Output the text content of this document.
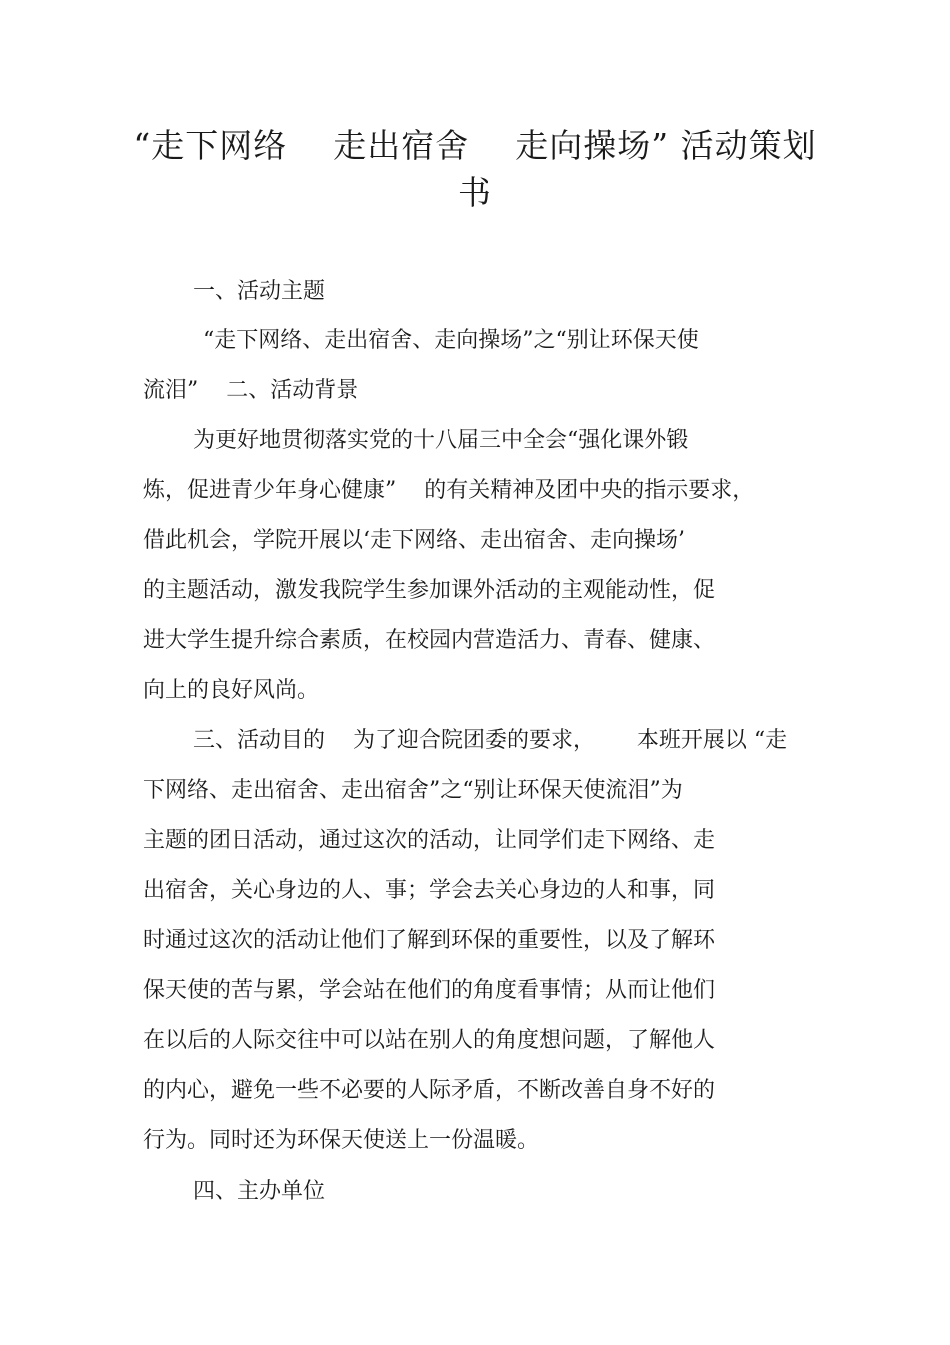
“走下网络    走出宿舍    走向操场” 活动策划
书
一、活动主题
“走下网络、走出宿舍、走向操场”之“别让环保天使
流泪”    二、活动背景
为更好地贯彻落实党的十八届三中全会“强化课外锻
炼，促进青少年身心健康”    的有关精神及团中央的指示要求，
借此机会，学院开展以‘走下网络、走出宿舍、走向操场’
的主题活动，激发我院学生参加课外活动的主观能动性，促
进大学生提升综合素质，在校园内营造活力、青春、健康、
向上的良好风尚。
三、活动目的    为了迎合院团委的要求，      本班开展以 “走
下网络、走出宿舍、走出宿舍”之“别让环保天使流泪”为
主题的团日活动，通过这次的活动，让同学们走下网络、走
出宿舍，关心身边的人、事；学会去关心身边的人和事，同
时通过这次的活动让他们了解到环保的重要性，以及了解环
保天使的苦与累，学会站在他们的角度看事情；从而让他们
在以后的人际交往中可以站在别人的角度想问题，了解他人
的内心，避免一些不必要的人际矛盾，不断改善自身不好的
行为。同时还为环保天使送上一份温暖。
四、主办单位
